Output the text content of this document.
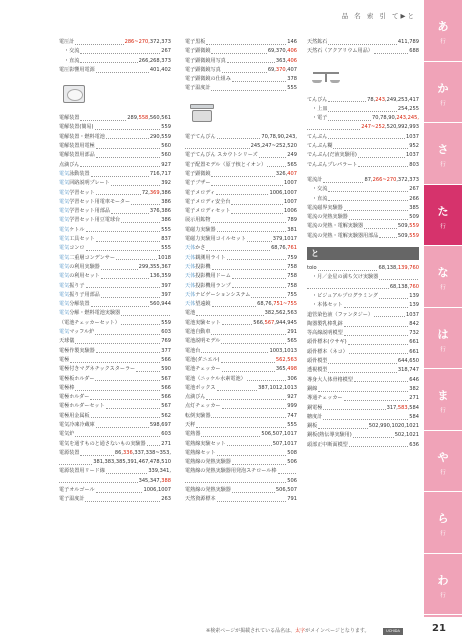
品 名 索 引 て▶と
電圧計	286~270,372,373
・交流	267
・直流	266,268,373
電圧影響用電源	401,402
電解装置	289,558,560,561
電解装置(簡易)	559
電解装置・燃料電池	290,559
電解装置用電極	560
電解装置用部品	560
点滴びん	927
電気泳動装置	716,717
電気回路説明プレート	392
電気学習セット	72,369,386
電気学習セット用電車モーター	386
電気学習セット用部品	376,386
電気学習セット用豆電球台	386
電気ケトル	555
電気工具セット	837
電気コンロ	555
電気二重層コンデンサー	1018
電気の利用実験器	299,355,367
電気の利用セット	136,359
電気振り子	397
電気振り子用部品	397
電気分解装置	560,944
電気分解・燃料電池実験器
（電池チェッカーセット）	559
電気マッフル炉	603
天球儀	769
電極作製実験器	377
電極	566
電極付きマグネチックスターラー	590
電極板ホルダー	567
電極棒	566
電極ホルダー	566
電極ホルダーセット	567
電極用金属板	562
電気冷凍冷蔵庫	598,697
電気炉	603
電気を通すものと通さないもの実験器	271
電源装置	86,336,337,338~353,
381,383,385,391,467,478,510
電源装置用リード線	339,341,
345,347,388
電子オルゴール	1006,1007
電子温度計	263
電子黒板	146
電子顕微鏡	69,370,406
電子顕微鏡用写真	363,406
電子顕微鏡写真	69,370,407
電子顕微鏡の仕組み	378
電子温度計	555
電子てんびん	70,78,90,243,
245,247~252,520
電子てんびん スカウトシリーズ	249
電子配置モデル（原子核とイオン）	565
電子顕微鏡	326,407
電子ブザー	1007
電子メロディ	1006,1007
電子メロディ安全台	1007
電子メロディセット	1006
展示用鉱物	789
電磁力実験器	381
電磁力実験用コイルセット	379,1017
天体かさ	68,76,761
天体観測用ライト	759
天体投影機	758
天体投影機用ドーム	758
天体投影機用ランプ	758
天体ナビゲーションシステム	755
天体望遠鏡	68,76,751~755
電池	382,562,563
電池実験セット	566,567,944,945
電池自動車	291
電池説明モデル	565
電池台	1003,1013
電池(ダニエル)	562,563
電池チェッカー	365,498
電池（ニッケル水素電池）	306
電池ボックス	387,1012,1013
点滴びん	927
点灯チェッカー	999
転倒実験器	747
天秤	555
電熱器	506,507,1017
電熱線実験セット	507,1017
電熱線セット	508
電熱線の発熱実験器	506
電熱線の発熱実験器用発泡スチロール棒
506
電熱線の発熱実験器	506,507
天然資源標本	791
天然鉱石	411,789
天然石（アクアリウム用品）	688
てんびん	78,243,249,253,417
・上皿	254,255
・電子	70,78,90,243,245,
247~252,520,992,993
てんぷん	1037
てんぷん糊	952
でんぷん(だ液実験用)	1037
でんぷんプレパラート	803
電流計	87,266~270,372,373
・交流	267
・直流	266
電流磁界実験器	385
電流の発熱実験器	509
電流の発熱・電解実験器	509,559
電流の発熱・電解実験器用部品	509,559
と
toio	68,138,139,760
・月／金星の満ち欠け実験器
68,138,760
・ビジュアルプログラミング	139
・本体セット	139
道管染色液（ファンタジー）	1037
陶器製乳棒乳鉢	842
等高線説明模型	732
頭骨標本(ウサギ)	661
頭骨標本（ネコ）	661
頭骨模型	644,650
透視模型	318,747
導身大人体骨格模型	646
銅線	382
導通チェッカー	271
銅電極	317,583,584
糖度計	584
銅板	502,990,1020,1021
銅板(熱伝導実験用)	502,1021
頭部正中断面模型	636
あ
行
か
行
さ
行
た
行
な
行
は
行
ま
行
や
行
ら
行
わ
行
※検索ページが掲載されている品名は、太字がメインページとなります。	UCHIDA	21
